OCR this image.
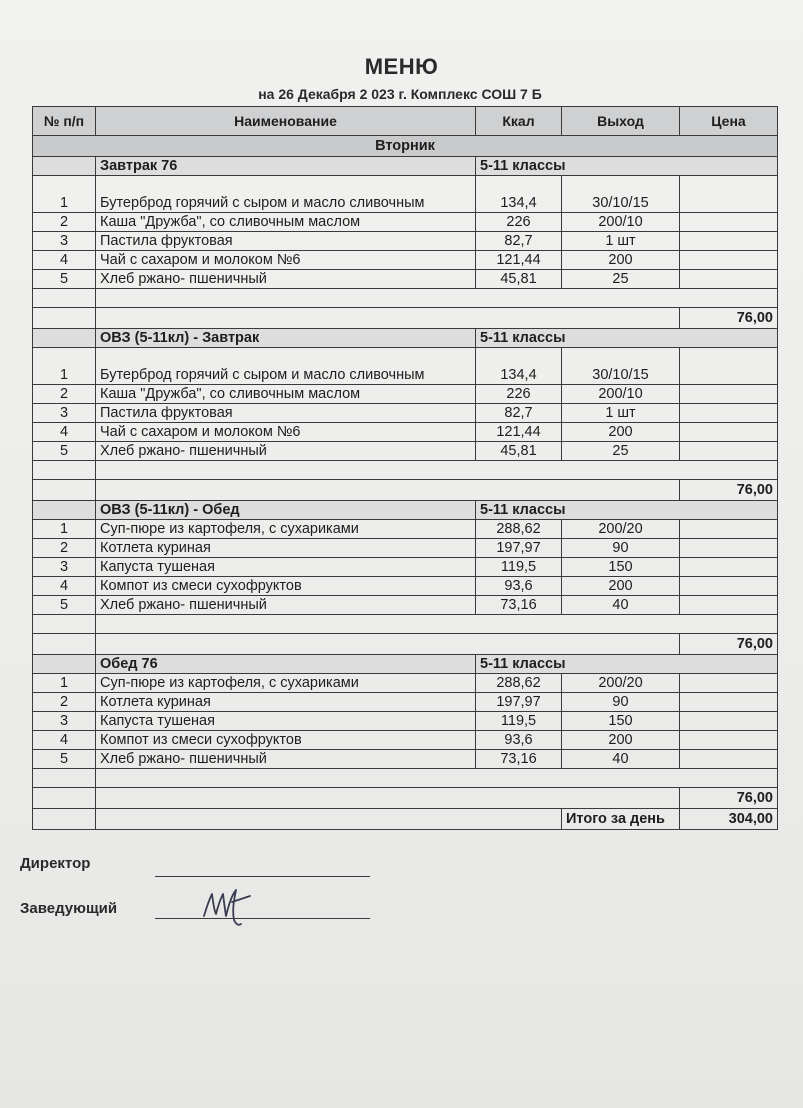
МЕНЮ
на 26 Декабря 2 023 г. Комплекс СОШ 7 Б
№ п/п	Наименование	Ккал	Выход	Цена
Вторник				
	Завтрак 76	5-11 классы		
1	Бутерброд горячий с сыром и масло сливочным	134,4	30/10/15	
2	Каша "Дружба", со сливочным маслом	226	200/10	
3	Пастила фруктовая	82,7	1 шт	
4	Чай с сахаром и молоком №6	121,44	200	
5	Хлеб ржано- пшеничный	45,81	25	

				76,00
	ОВЗ (5-11кл) - Завтрак	5-11 классы		
1	Бутерброд горячий с сыром и масло сливочным	134,4	30/10/15	
2	Каша "Дружба", со сливочным маслом	226	200/10	
3	Пастила фруктовая	82,7	1 шт	
4	Чай с сахаром и молоком №6	121,44	200	
5	Хлеб ржано- пшеничный	45,81	25	

				76,00
	ОВЗ (5-11кл) - Обед	5-11 классы		
1	Суп-пюре из картофеля, с сухариками	288,62	200/20	
2	Котлета куриная	197,97	90	
3	Капуста тушеная	119,5	150	
4	Компот из смеси сухофруктов	93,6	200	
5	Хлеб ржано- пшеничный	73,16	40	

				76,00
	Обед 76	5-11 классы		
1	Суп-пюре из картофеля, с сухариками	288,62	200/20	
2	Котлета куриная	197,97	90	
3	Капуста тушеная	119,5	150	
4	Компот из смеси сухофруктов	93,6	200	
5	Хлеб ржано- пшеничный	73,16	40	

				76,00
			Итого за день	304,00
Директор
Заведующий
